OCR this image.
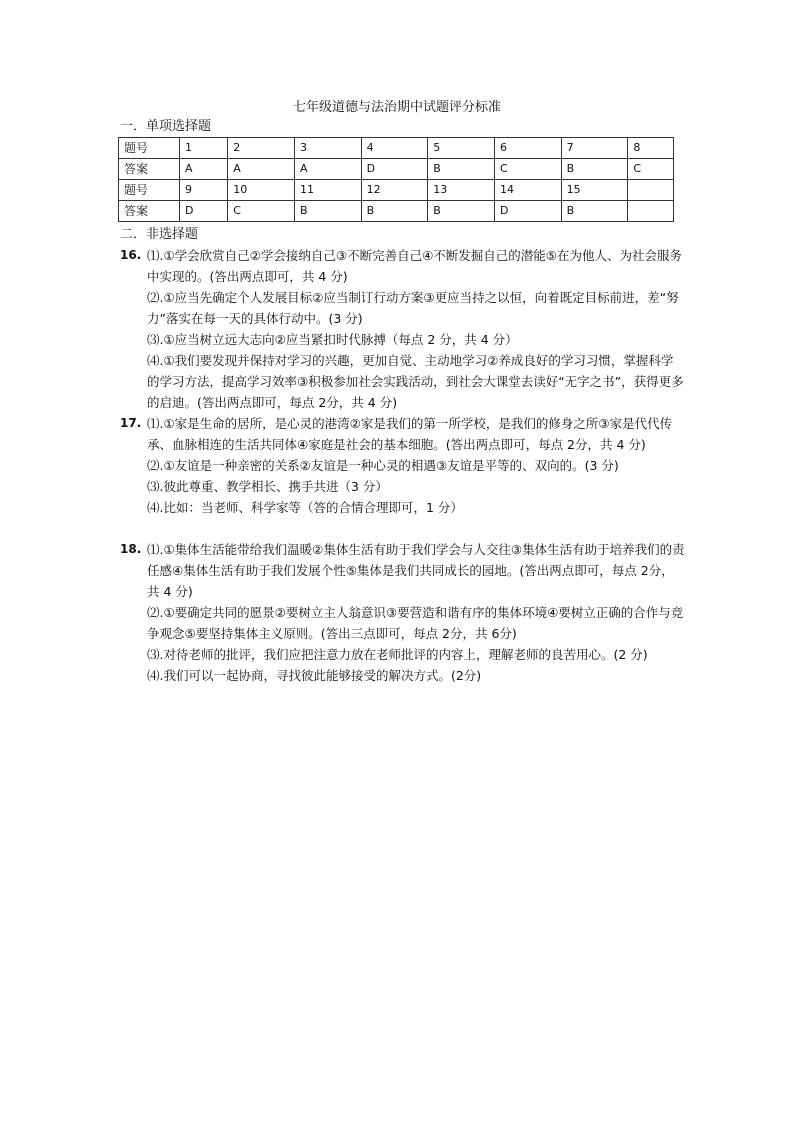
七年级道德与法治期中试题评分标准
一．单项选择题
题号	1	2	3	4	5	6	7	8
答案	A	A	A	D	B	C	B	C
题号	9	10	11	12	13	14	15	
答案	D	C	B	B	B	D	B	
二．非选择题
16. ⑴.①学会欣赏自己②学会接纳自己③不断完善自己④不断发掘自己的潜能⑤在为他人、为社会服务中实现的。(答出两点即可，共 4 分)

⑵.①应当先确定个人发展目标②应当制订行动方案③更应当持之以恒，向着既定目标前进，差“努力”落实在每一天的具体行动中。(3 分)

⑶.①应当树立远大志向②应当紧扣时代脉搏（每点 2 分，共 4 分）

⑷.①我们要发现并保持对学习的兴趣，更加自觉、主动地学习②养成良好的学习习惯，掌握科学的学习方法，提高学习效率③积极参加社会实践活动，到社会大课堂去读好“无字之书”，获得更多的启迪。(答出两点即可，每点 2分，共 4 分)

17. ⑴.①家是生命的居所，是心灵的港湾②家是我们的第一所学校，是我们的修身之所③家是代代传承、血脉相连的生活共同体④家庭是社会的基本细胞。(答出两点即可，每点 2分，共 4 分)

⑵.①友谊是一种亲密的关系②友谊是一种心灵的相遇③友谊是平等的、双向的。(3 分)

⑶.彼此尊重、教学相长、携手共进（3 分）

⑷.比如：当老师、科学家等（答的合情合理即可，1 分）

18. ⑴.①集体生活能带给我们温暖②集体生活有助于我们学会与人交往③集体生活有助于培养我们的责任感④集体生活有助于我们发展个性⑤集体是我们共同成长的园地。(答出两点即可，每点 2分，共 4 分)

⑵.①要确定共同的愿景②要树立主人翁意识③要营造和谐有序的集体环境④要树立正确的合作与竞争观念⑤要坚持集体主义原则。(答出三点即可，每点 2分，共 6分)

⑶.对待老师的批评，我们应把注意力放在老师批评的内容上，理解老师的良苦用心。(2 分)

⑷.我们可以一起协商，寻找彼此能够接受的解决方式。(2分)
